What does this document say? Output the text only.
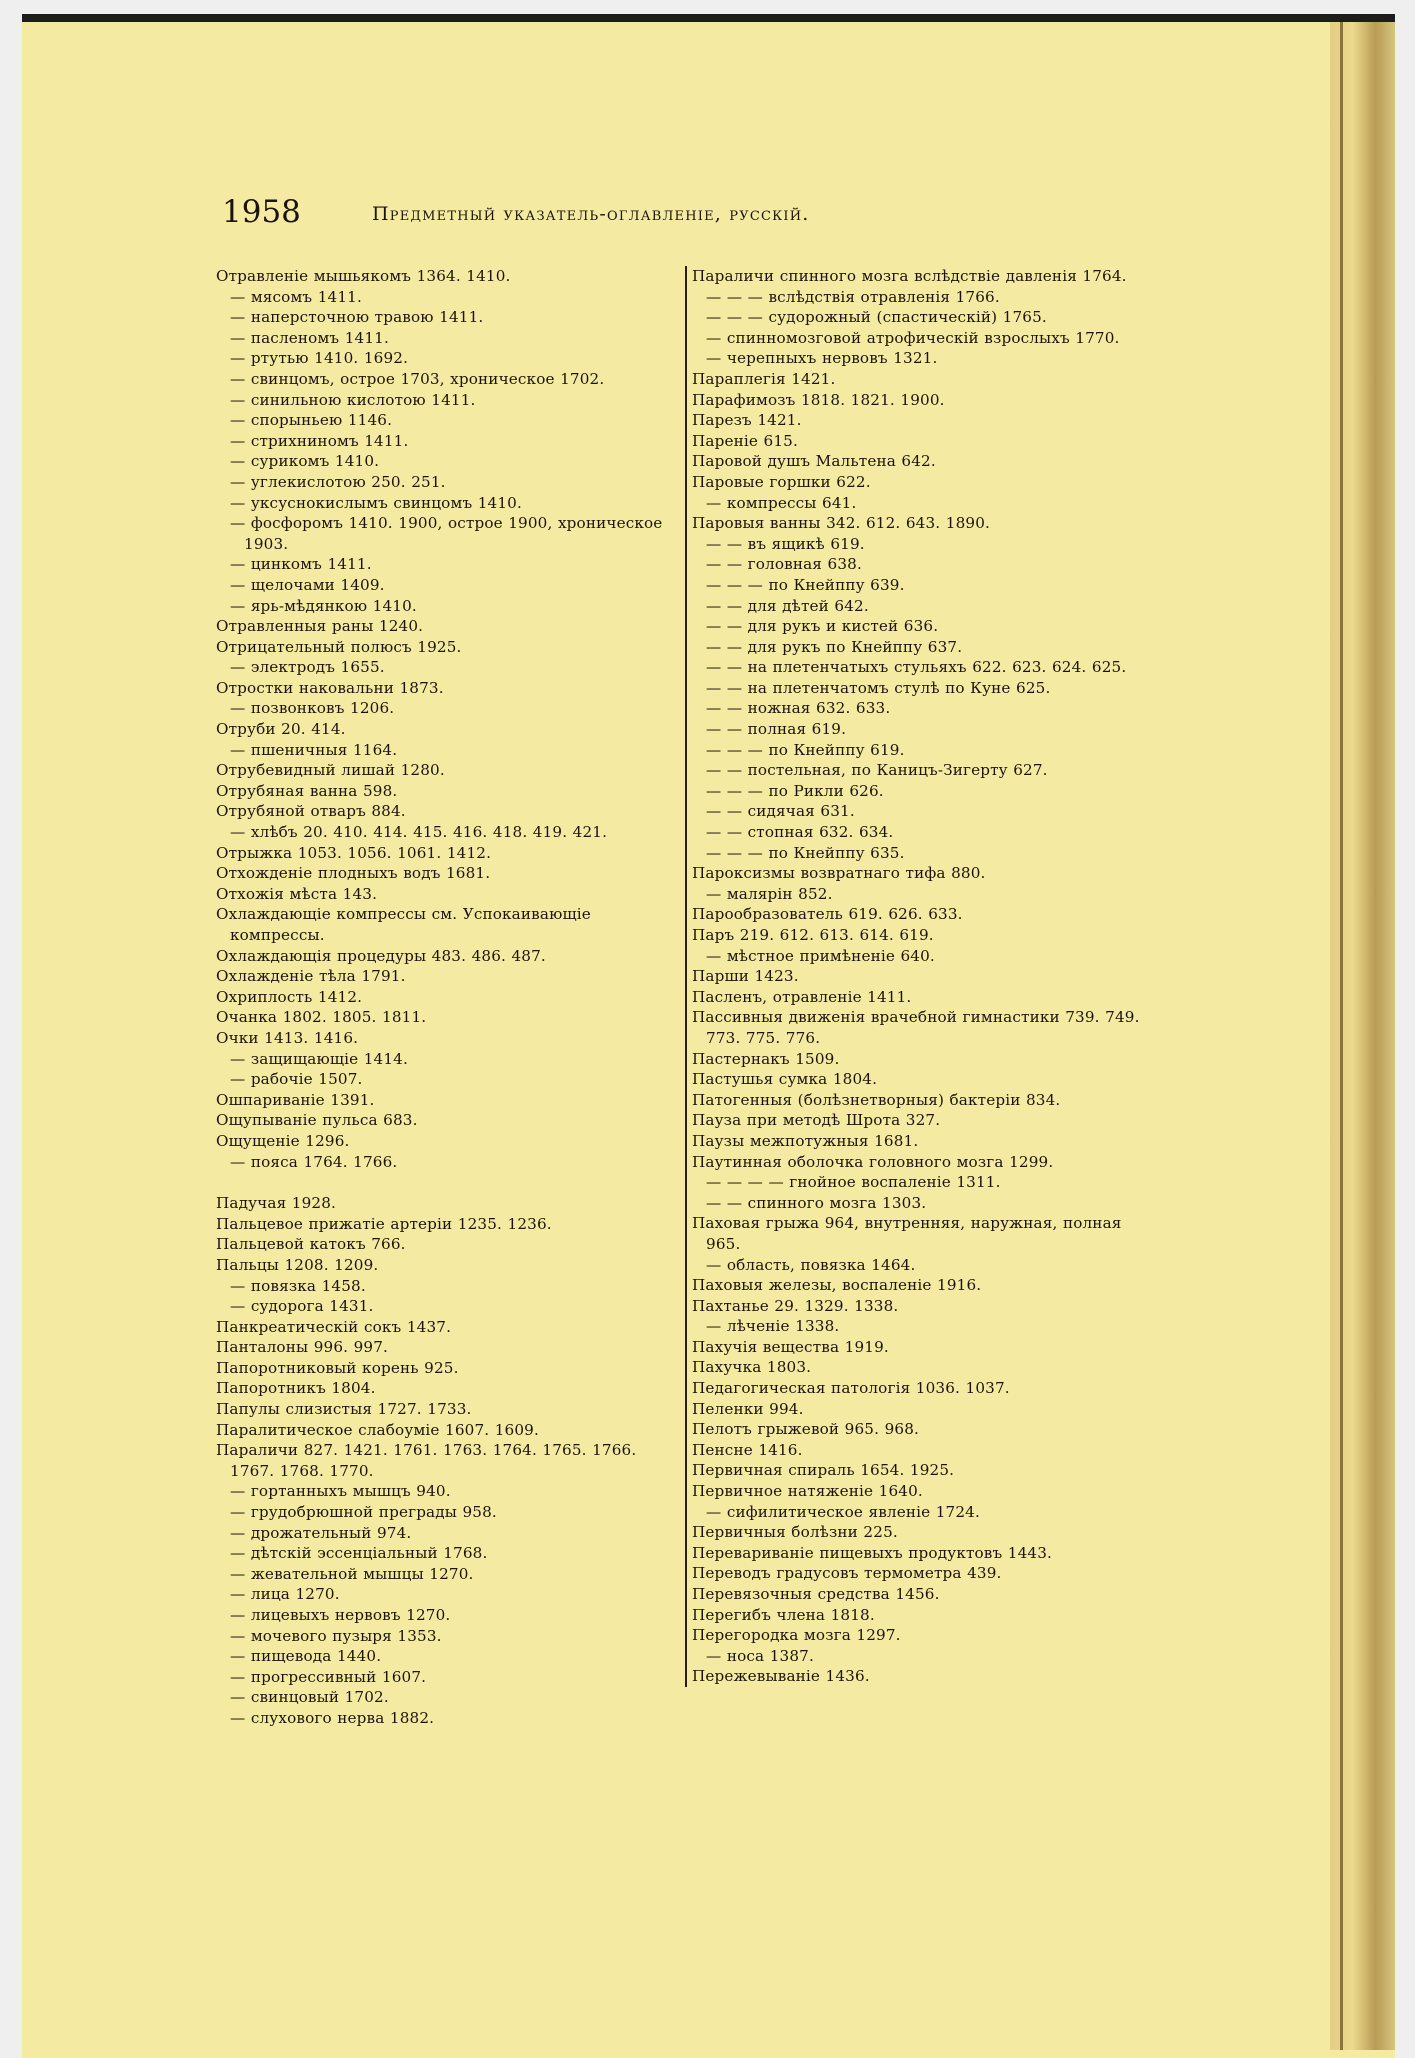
1958	Предметный указатель-оглавленіе, русскій.
Отравленіе мышьякомъ 1364. 1410.
— мясомъ 1411.
— наперсточною травою 1411.
— пасленомъ 1411.
— ртутью 1410. 1692.
— свинцомъ, острое 1703, хроническое 1702.
— синильною кислотою 1411.
— спорыньею 1146.
— стрихниномъ 1411.
— сурикомъ 1410.
— углекислотою 250. 251.
— уксуснокислымъ свинцомъ 1410.
— фосфоромъ 1410. 1900, острое 1900, хроническое 1903.
— цинкомъ 1411.
— щелочами 1409.
— ярь-мѣдянкою 1410.
Отравленныя раны 1240.
Отрицательный полюсъ 1925.
— электродъ 1655.
Отростки наковальни 1873.
— позвонковъ 1206.
Отруби 20. 414.
— пшеничныя 1164.
Отрубевидный лишай 1280.
Отрубяная ванна 598.
Отрубяной отваръ 884.
— хлѣбъ 20. 410. 414. 415. 416. 418. 419. 421.
Отрыжка 1053. 1056. 1061. 1412.
Отхожденіе плодныхъ водъ 1681.
Отхожія мѣста 143.
Охлаждающіе компрессы см. Успокаивающіе компрессы.
Охлаждающія процедуры 483. 486. 487.
Охлажденіе тѣла 1791.
Охриплость 1412.
Очанка 1802. 1805. 1811.
Очки 1413. 1416.
— защищающіе 1414.
— рабочіе 1507.
Ошпариваніе 1391.
Ощупываніе пульса 683.
Ощущеніе 1296.
— пояса 1764. 1766.
Падучая 1928.
Пальцевое прижатіе артеріи 1235. 1236.
Пальцевой катокъ 766.
Пальцы 1208. 1209.
— повязка 1458.
— судорога 1431.
Панкреатическій сокъ 1437.
Панталоны 996. 997.
Папоротниковый корень 925.
Папоротникъ 1804.
Папулы слизистыя 1727. 1733.
Паралитическое слабоуміе 1607. 1609.
Параличи 827. 1421. 1761. 1763. 1764. 1765. 1766. 1767. 1768. 1770.
— гортанныхъ мышцъ 940.
— грудобрюшной преграды 958.
— дрожательный 974.
— дѣтскій эссенціальный 1768.
— жевательной мышцы 1270.
— лица 1270.
— лицевыхъ нервовъ 1270.
— мочевого пузыря 1353.
— пищевода 1440.
— прогрессивный 1607.
— свинцовый 1702.
— слухового нерва 1882.
Параличи спинного мозга вслѣдствіе давленія 1764.
— — — вслѣдствія отравленія 1766.
— — — судорожный (спастическій) 1765.
— спинномозговой атрофическій взрослыхъ 1770.
— черепныхъ нервовъ 1321.
Параплегія 1421.
Парафимозъ 1818. 1821. 1900.
Парезъ 1421.
Пареніе 615.
Паровой душъ Мальтена 642.
Паровые горшки 622.
— компрессы 641.
Паровыя ванны 342. 612. 643. 1890.
— — въ ящикѣ 619.
— — головная 638.
— — — по Кнейппу 639.
— — для дѣтей 642.
— — для рукъ и кистей 636.
— — для рукъ по Кнейппу 637.
— — на плетенчатыхъ стульяхъ 622. 623. 624. 625.
— — на плетенчатомъ стулѣ по Куне 625.
— — ножная 632. 633.
— — полная 619.
— — — по Кнейппу 619.
— — постельная, по Каницъ-Зигерту 627.
— — — по Рикли 626.
— — сидячая 631.
— — стопная 632. 634.
— — — по Кнейппу 635.
Пароксизмы возвратнаго тифа 880.
— малярін 852.
Парообразователь 619. 626. 633.
Паръ 219. 612. 613. 614. 619.
— мѣстное примѣненіе 640.
Парши 1423.
Пасленъ, отравленіе 1411.
Пассивныя движенія врачебной гимнастики 739. 749. 773. 775. 776.
Пастернакъ 1509.
Пастушья сумка 1804.
Патогенныя (болѣзнетворныя) бактеріи 834.
Пауза при методѣ Шрота 327.
Паузы межпотужныя 1681.
Паутинная оболочка головного мозга 1299.
— — — — гнойное воспаленіе 1311.
— — спинного мозга 1303.
Паховая грыжа 964, внутренняя, наружная, полная 965.
— область, повязка 1464.
Паховыя железы, воспаленіе 1916.
Пахтанье 29. 1329. 1338.
— лѣченіе 1338.
Пахучія вещества 1919.
Пахучка 1803.
Педагогическая патологія 1036. 1037.
Пеленки 994.
Пелотъ грыжевой 965. 968.
Пенсне 1416.
Первичная спираль 1654. 1925.
Первичное натяженіе 1640.
— сифилитическое явленіе 1724.
Первичныя болѣзни 225.
Перевариваніе пищевыхъ продуктовъ 1443.
Переводъ градусовъ термометра 439.
Перевязочныя средства 1456.
Перегибъ члена 1818.
Перегородка мозга 1297.
— носа 1387.
Пережевываніе 1436.
